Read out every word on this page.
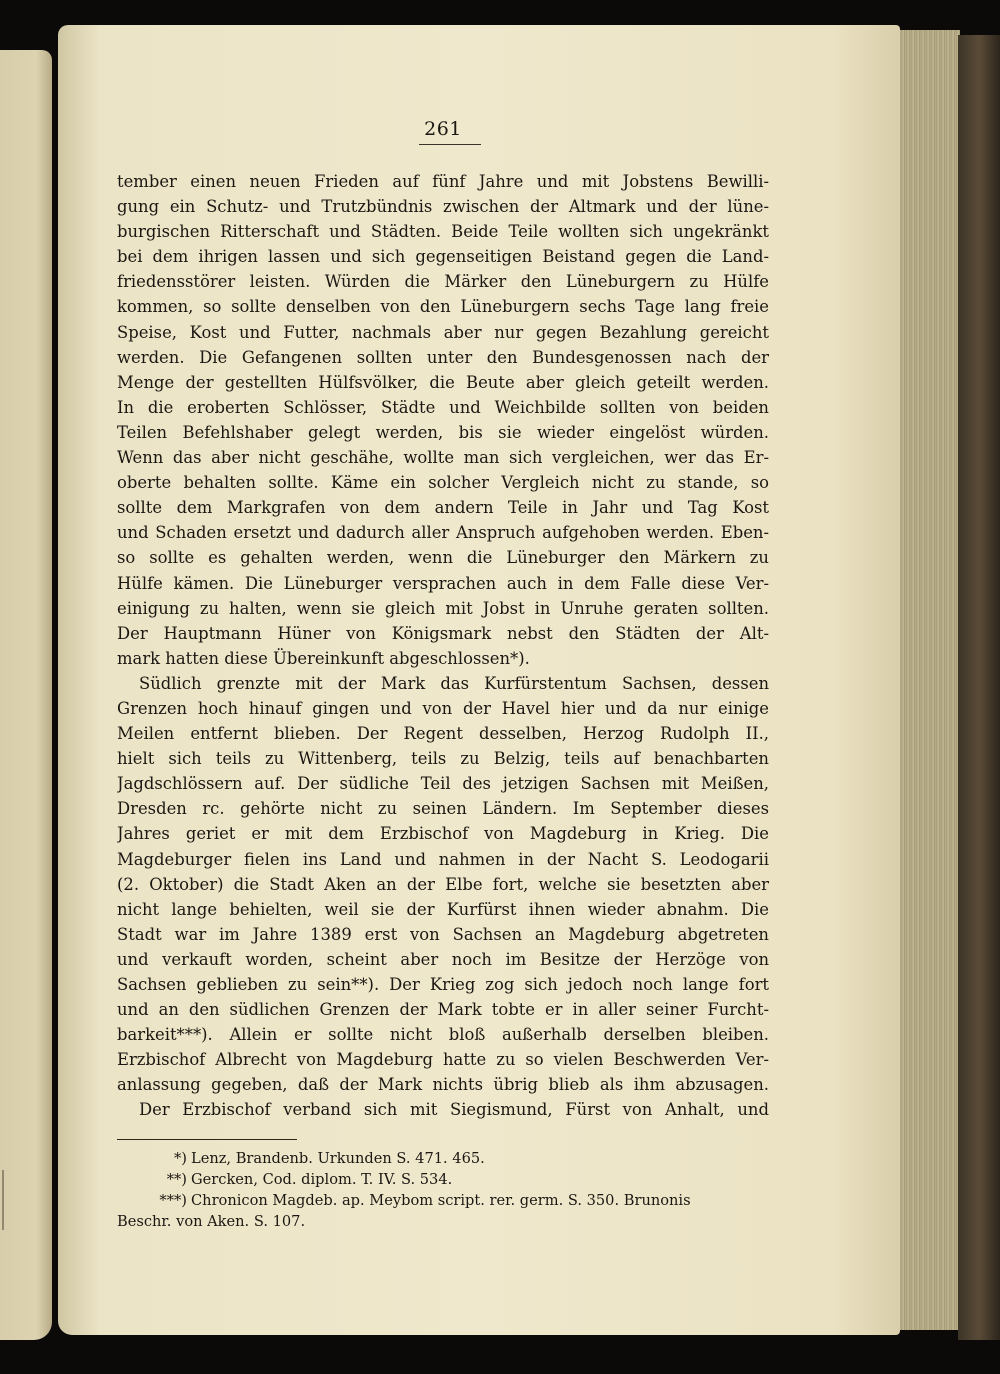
261
tember einen neuen Frieden auf fünf Jahre und mit Jobstens Bewilli-
gung ein Schutz- und Trutzbündnis zwischen der Altmark und der lüne-
burgischen Ritterschaft und Städten. Beide Teile wollten sich ungekränkt
bei dem ihrigen lassen und sich gegenseitigen Beistand gegen die Land-
friedensstörer leisten. Würden die Märker den Lüneburgern zu Hülfe
kommen, so sollte denselben von den Lüneburgern sechs Tage lang freie
Speise, Kost und Futter, nachmals aber nur gegen Bezahlung gereicht
werden. Die Gefangenen sollten unter den Bundesgenossen nach der
Menge der gestellten Hülfsvölker, die Beute aber gleich geteilt werden.
In die eroberten Schlösser, Städte und Weichbilde sollten von beiden
Teilen Befehlshaber gelegt werden, bis sie wieder eingelöst würden.
Wenn das aber nicht geschähe, wollte man sich vergleichen, wer das Er-
oberte behalten sollte. Käme ein solcher Vergleich nicht zu stande, so
sollte dem Markgrafen von dem andern Teile in Jahr und Tag Kost
und Schaden ersetzt und dadurch aller Anspruch aufgehoben werden. Eben-
so sollte es gehalten werden, wenn die Lüneburger den Märkern zu
Hülfe kämen. Die Lüneburger versprachen auch in dem Falle diese Ver-
einigung zu halten, wenn sie gleich mit Jobst in Unruhe geraten sollten.
Der Hauptmann Hüner von Königsmark nebst den Städten der Alt-
mark hatten diese Übereinkunft abgeschlossen*).
Südlich grenzte mit der Mark das Kurfürstentum Sachsen, dessen
Grenzen hoch hinauf gingen und von der Havel hier und da nur einige
Meilen entfernt blieben. Der Regent desselben, Herzog Rudolph II.,
hielt sich teils zu Wittenberg, teils zu Belzig, teils auf benachbarten
Jagdschlössern auf. Der südliche Teil des jetzigen Sachsen mit Meißen,
Dresden rc. gehörte nicht zu seinen Ländern. Im September dieses
Jahres geriet er mit dem Erzbischof von Magdeburg in Krieg. Die
Magdeburger fielen ins Land und nahmen in der Nacht S. Leodogarii
(2. Oktober) die Stadt Aken an der Elbe fort, welche sie besetzten aber
nicht lange behielten, weil sie der Kurfürst ihnen wieder abnahm. Die
Stadt war im Jahre 1389 erst von Sachsen an Magdeburg abgetreten
und verkauft worden, scheint aber noch im Besitze der Herzöge von
Sachsen geblieben zu sein**). Der Krieg zog sich jedoch noch lange fort
und an den südlichen Grenzen der Mark tobte er in aller seiner Furcht-
barkeit***). Allein er sollte nicht bloß außerhalb derselben bleiben.
Erzbischof Albrecht von Magdeburg hatte zu so vielen Beschwerden Ver-
anlassung gegeben, daß der Mark nichts übrig blieb als ihm abzusagen.
Der Erzbischof verband sich mit Siegismund, Fürst von Anhalt, und
*) Lenz, Brandenb. Urkunden S. 471. 465.
**) Gercken, Cod. diplom. T. IV. S. 534.
***) Chronicon Magdeb. ap. Meybom script. rer. germ. S. 350. Brunonis
Beschr. von Aken. S. 107.
